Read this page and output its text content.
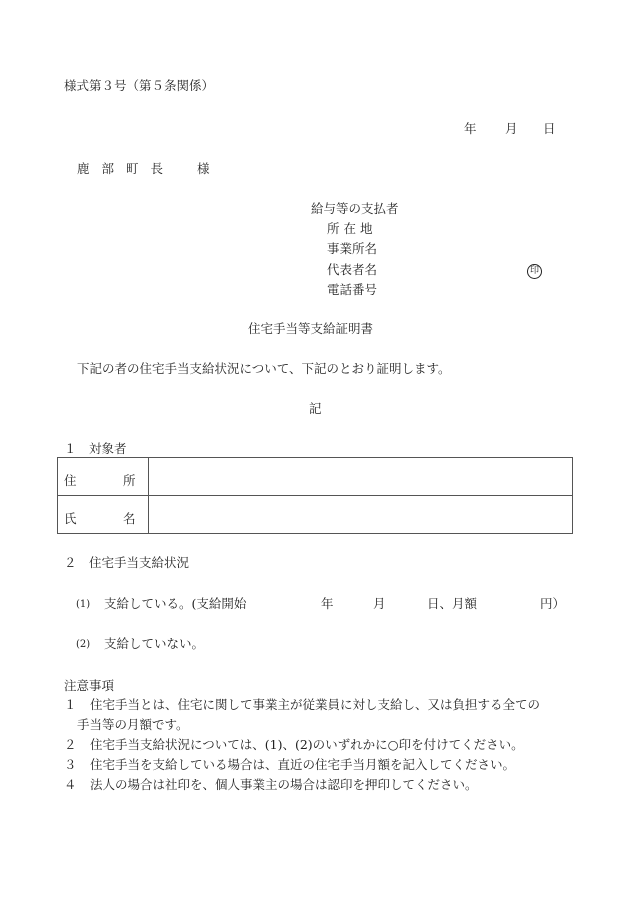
様式第３号（第５条関係）
年 月 日
鹿部町長 様
給与等の支払者
所 在 地
事業所名
代表者名	印
電話番号
住宅手当等支給証明書
下記の者の住宅手当支給状況について、下記のとおり証明します。
記
１　対象者
住 所	

氏 名	

２　住宅手当支給状況
(1) 支給している。(支給開始	年	月	日、月額	円）
(2) 支給していない。
注意事項
１ 住宅手当とは、住宅に関して事業主が従業員に対し支給し、又は負担する全ての
手当等の月額です。
２ 住宅手当支給状況については、(1)、(2)のいずれかに○印を付けてください。
３ 住宅手当を支給している場合は、直近の住宅手当月額を記入してください。
４ 法人の場合は社印を、個人事業主の場合は認印を押印してください。
